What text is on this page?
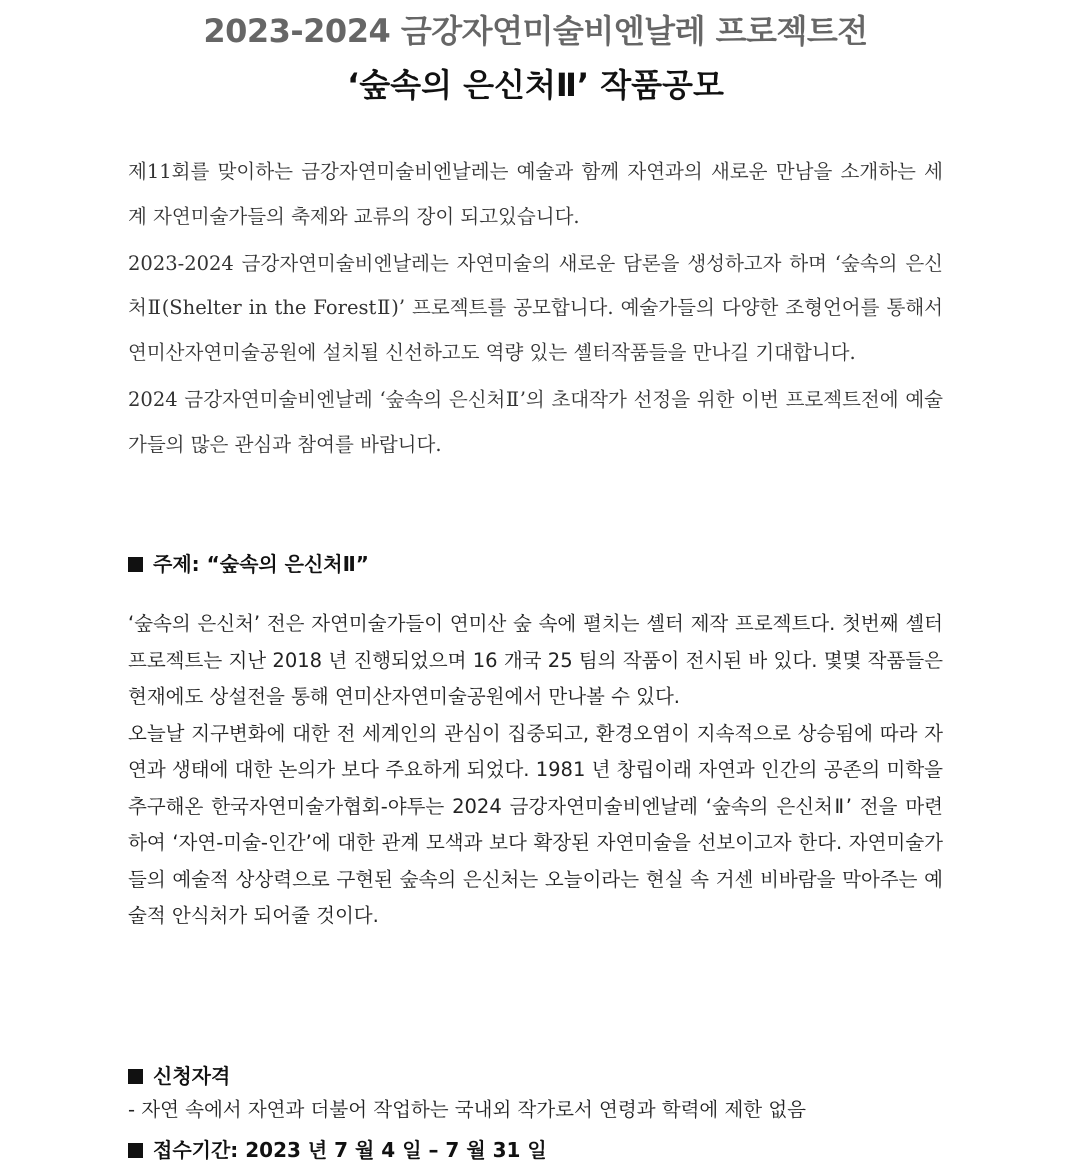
2023-2024 금강자연미술비엔날레 프로젝트전
‘숲속의 은신처Ⅱ’ 작품공모

제11회를 맞이하는 금강자연미술비엔날레는 예술과 함께 자연과의 새로운 만남을 소개하는 세계 자연미술가들의 축제와 교류의 장이 되고있습니다.

2023-2024 금강자연미술비엔날레는 자연미술의 새로운 담론을 생성하고자 하며 ‘숲속의 은신처Ⅱ(Shelter in the ForestⅡ)’ 프로젝트를 공모합니다. 예술가들의 다양한 조형언어를 통해서 연미산자연미술공원에 설치될 신선하고도 역량 있는 셸터작품들을 만나길 기대합니다.

2024 금강자연미술비엔날레 ‘숲속의 은신처Ⅱ’의 초대작가 선정을 위한 이번 프로젝트전에 예술가들의 많은 관심과 참여를 바랍니다.

주제: “숲속의 은신처Ⅱ”

‘숲속의 은신처’ 전은 자연미술가들이 연미산 숲 속에 펼치는 셸터 제작 프로젝트다. 첫번째 셸터 프로젝트는 지난 2018 년 진행되었으며 16 개국 25 팀의 작품이 전시된 바 있다. 몇몇 작품들은 현재에도 상설전을 통해 연미산자연미술공원에서 만나볼 수 있다.

오늘날 지구변화에 대한 전 세계인의 관심이 집중되고, 환경오염이 지속적으로 상승됨에 따라 자연과 생태에 대한 논의가 보다 주요하게 되었다. 1981 년 창립이래 자연과 인간의 공존의 미학을 추구해온 한국자연미술가협회-야투는 2024 금강자연미술비엔날레 ‘숲속의 은신처Ⅱ’ 전을 마련하여 ‘자연-미술-인간’에 대한 관계 모색과 보다 확장된 자연미술을 선보이고자 한다. 자연미술가들의 예술적 상상력으로 구현된 숲속의 은신처는 오늘이라는 현실 속 거센 비바람을 막아주는 예술적 안식처가 되어줄 것이다.

신청자격
- 자연 속에서 자연과 더불어 작업하는 국내외 작가로서 연령과 학력에 제한 없음
접수기간: 2023 년 7 월 4 일 – 7 월 31 일
